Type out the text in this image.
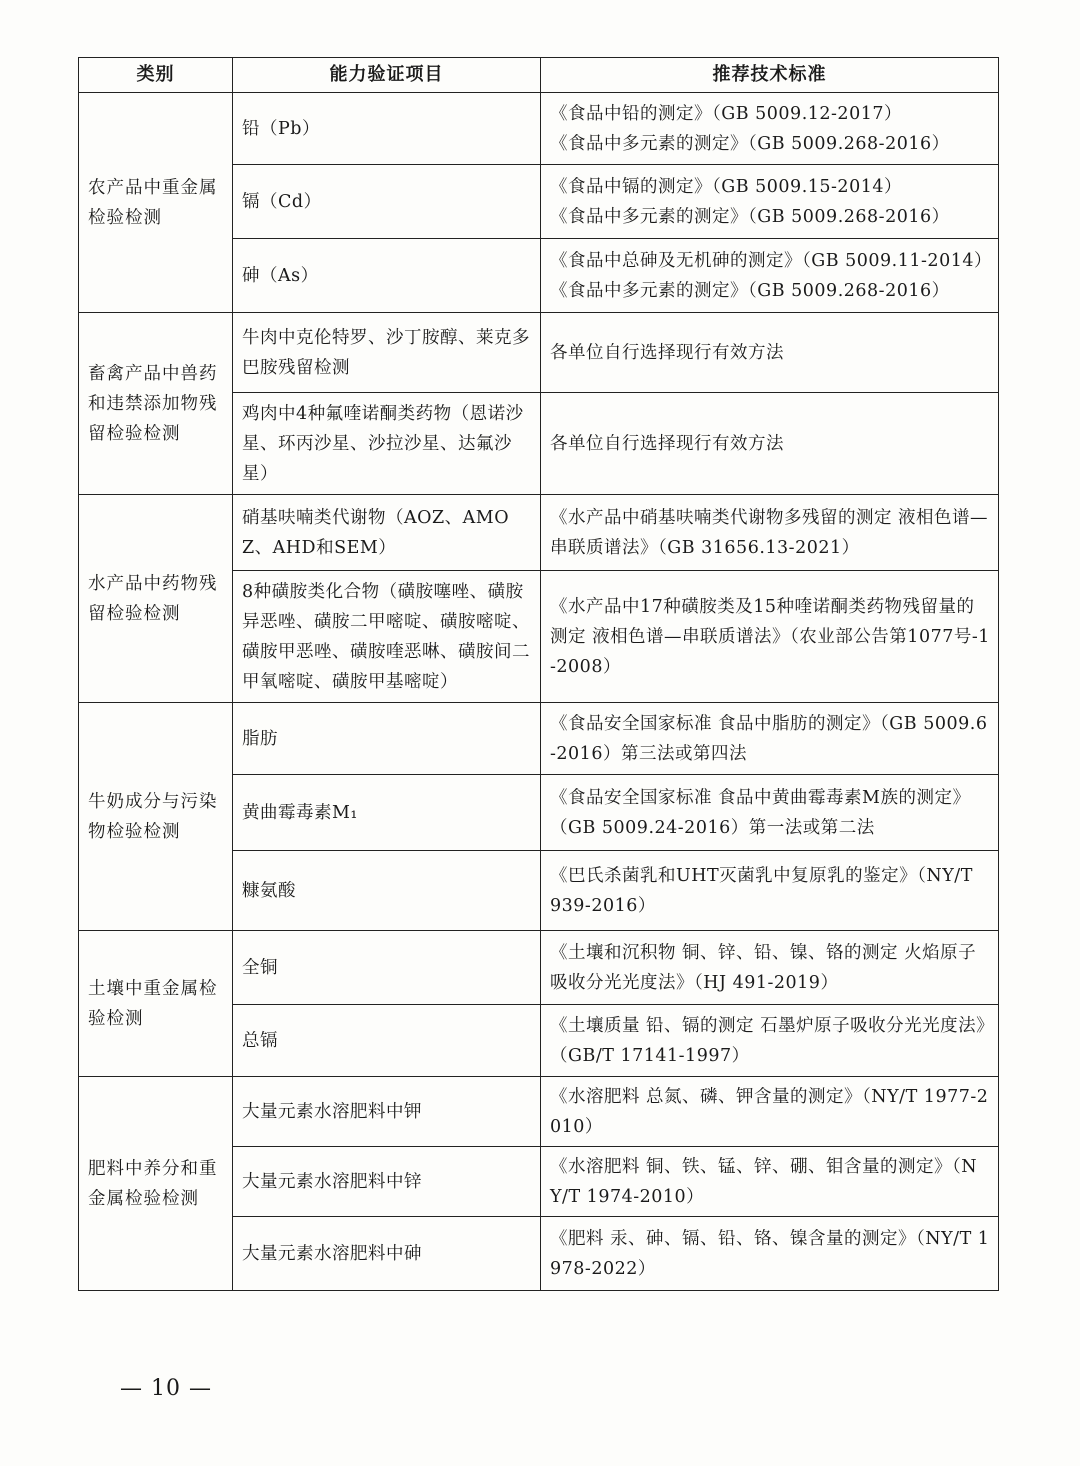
类别	能力验证项目	推荐技术标准
农产品中重金属检验检测	铅（Pb）	《食品中铅的测定》（GB 5009.12-2017）
《食品中多元素的测定》（GB 5009.268-2016）

	镉（Cd）	《食品中镉的测定》（GB 5009.15-2014）
《食品中多元素的测定》（GB 5009.268-2016）

	砷（As）	《食品中总砷及无机砷的测定》（GB 5009.11-2014）
《食品中多元素的测定》（GB 5009.268-2016）

畜禽产品中兽药和违禁添加物残留检验检测	牛肉中克伦特罗、沙丁胺醇、莱克多巴胺残留检测	各单位自行选择现行有效方法

	鸡肉中4种氟喹诺酮类药物（恩诺沙星、环丙沙星、沙拉沙星、达氟沙星）	各单位自行选择现行有效方法

水产品中药物残留检验检测	硝基呋喃类代谢物（AOZ、AMOZ、AHD和SEM）	《水产品中硝基呋喃类代谢物多残留的测定 液相色谱—串联质谱法》（GB 31656.13-2021）

	8种磺胺类化合物（磺胺噻唑、磺胺异恶唑、磺胺二甲嘧啶、磺胺嘧啶、磺胺甲恶唑、磺胺喹恶啉、磺胺间二甲氧嘧啶、磺胺甲基嘧啶）	《水产品中17种磺胺类及15种喹诺酮类药物残留量的测定 液相色谱—串联质谱法》（农业部公告第1077号-1-2008）

牛奶成分与污染物检验检测	脂肪	《食品安全国家标准 食品中脂肪的测定》（GB 5009.6-2016）第三法或第四法

	黄曲霉毒素M₁	《食品安全国家标准 食品中黄曲霉毒素M族的测定》（GB 5009.24-2016）第一法或第二法

	糠氨酸	《巴氏杀菌乳和UHT灭菌乳中复原乳的鉴定》（NY/T 939-2016）

土壤中重金属检验检测	全铜	《土壤和沉积物 铜、锌、铅、镍、铬的测定 火焰原子吸收分光光度法》（HJ 491-2019）

	总镉	《土壤质量 铅、镉的测定 石墨炉原子吸收分光光度法》（GB/T 17141-1997）

肥料中养分和重金属检验检测	大量元素水溶肥料中钾	《水溶肥料 总氮、磷、钾含量的测定》（NY/T 1977-2010）

	大量元素水溶肥料中锌	《水溶肥料 铜、铁、锰、锌、硼、钼含量的测定》（NY/T 1974-2010）

	大量元素水溶肥料中砷	《肥料 汞、砷、镉、铅、铬、镍含量的测定》（NY/T 1978-2022）
— 10 —
